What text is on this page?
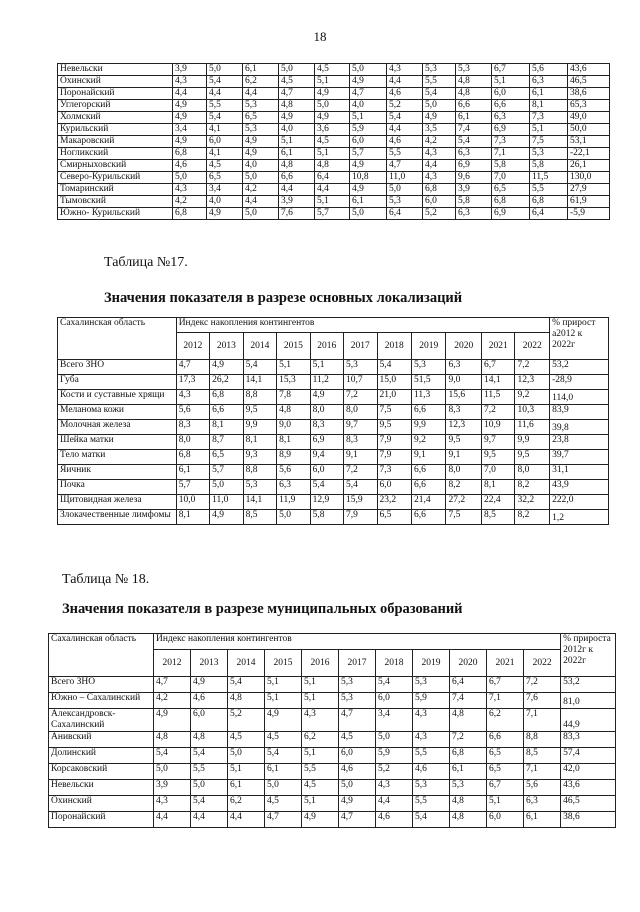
18
Невельски	3,9	5,0	6,1	5,0	4,5	5,0	4,3	5,3	5,3	6,7	5,6	43,6
Охинский	4,3	5,4	6,2	4,5	5,1	4,9	4,4	5,5	4,8	5,1	6,3	46,5
Поронайский	4,4	4,4	4,4	4,7	4,9	4,7	4,6	5,4	4,8	6,0	6,1	38,6
Углегорский	4,9	5,5	5,3	4,8	5,0	4,0	5,2	5,0	6,6	6,6	8,1	65,3
Холмский	4,9	5,4	6,5	4,9	4,9	5,1	5,4	4,9	6,1	6,3	7,3	49,0
Курильский	3,4	4,1	5,3	4,0	3,6	5,9	4,4	3,5	7,4	6,9	5,1	50,0
Макаровский	4,9	6,0	4,9	5,1	4,5	6,0	4,6	4,2	5,4	7,3	7,5	53,1
Ногликский	6,8	4,1	4,9	6,1	5,1	5,7	5,5	4,3	6,3	7,1	5,3	-22,1
Смирныховский	4,6	4,5	4,0	4,8	4,8	4,9	4,7	4,4	6,9	5,8	5,8	26,1
Северо-Курильский	5,0	6,5	5,0	6,6	6,4	10,8	11,0	4,3	9,6	7,0	11,5	130,0
Томаринский	4,3	3,4	4,2	4,4	4,4	4,9	5,0	6,8	3,9	6,5	5,5	27,9
Тымовский	4,2	4,0	4,4	3,9	5,1	6,1	5,3	6,0	5,8	6,8	6,8	61,9
Южно- Курильский	6,8	4,9	5,0	7,6	5,7	5,0	6,4	5,2	6,3	6,9	6,4	-5,9
Таблица №17.
Значения показателя в разрезе основных локализаций
Сахалинская область	Индекс накопления контингентов											% прирост а2012 к 2022г
	2012	2013	2014	2015	2016	2017	2018	2019	2020	2021	2022	
Всего ЗНО	4,7	4,9	5,4	5,1	5,1	5,3	5,4	5,3	6,3	6,7	7,2	53,2
Губа	17,3	26,2	14,1	15,3	11,2	10,7	15,0	51,5	9,0	14,1	12,3	-28,9
Кости и суставные хрящи	4,3	6,8	8,8	7,8	4,9	7,2	21,0	11,3	15,6	11,5	9,2	114,0
Меланома кожи	5,6	6,6	9,5	4,8	8,0	8,0	7,5	6,6	8,3	7,2	10,3	83,9
Молочная железа	8,3	8,1	9,9	9,0	8,3	9,7	9,5	9,9	12,3	10,9	11,6	39,8
Шейка матки	8,0	8,7	8,1	8,1	6,9	8,3	7,9	9,2	9,5	9,7	9,9	23,8
Тело матки	6,8	6,5	9,3	8,9	9,4	9,1	7,9	9,1	9,1	9,5	9,5	39,7
Яичник	6,1	5,7	8,8	5,6	6,0	7,2	7,3	6,6	8,0	7,0	8,0	31,1
Почка	5,7	5,0	5,3	6,3	5,4	5,4	6,0	6,6	8,2	8,1	8,2	43,9
Щитовидная железа	10,0	11,0	14,1	11,9	12,9	15,9	23,2	21,4	27,2	22,4	32,2	222,0
Злокачественные лимфомы	8,1	4,9	8,5	5,0	5,8	7,9	6,5	6,6	7,5	8,5	8,2	1,2
Таблица № 18.
Значения показателя в разрезе муниципальных образований
Сахалинская область	Индекс накопления контингентов											% прироста 2012г к 2022г
	2012	2013	2014	2015	2016	2017	2018	2019	2020	2021	2022	
Всего ЗНО	4,7	4,9	5,4	5,1	5,1	5,3	5,4	5,3	6,4	6,7	7,2	53,2
Южно – Сахалинский	4,2	4,6	4,8	5,1	5,1	5,3	6,0	5,9	7,4	7,1	7,6	81,0
Александровск-Сахалинский	4,9	6,0	5,2	4,9	4,3	4,7	3,4	4,3	4,8	6,2	7,1	44,9
Анивский	4,8	4,8	4,5	4,5	6,2	4,5	5,0	4,3	7,2	6,6	8,8	83,3
Долинский	5,4	5,4	5,0	5,4	5,1	6,0	5,9	5,5	6,8	6,5	8,5	57,4
Корсаковский	5,0	5,5	5,1	6,1	5,5	4,6	5,2	4,6	6,1	6,5	7,1	42,0
Невельски	3,9	5,0	6,1	5,0	4,5	5,0	4,3	5,3	5,3	6,7	5,6	43,6
Охинский	4,3	5,4	6,2	4,5	5,1	4,9	4,4	5,5	4,8	5,1	6,3	46,5
Поронайский	4,4	4,4	4,4	4,7	4,9	4,7	4,6	5,4	4,8	6,0	6,1	38,6
